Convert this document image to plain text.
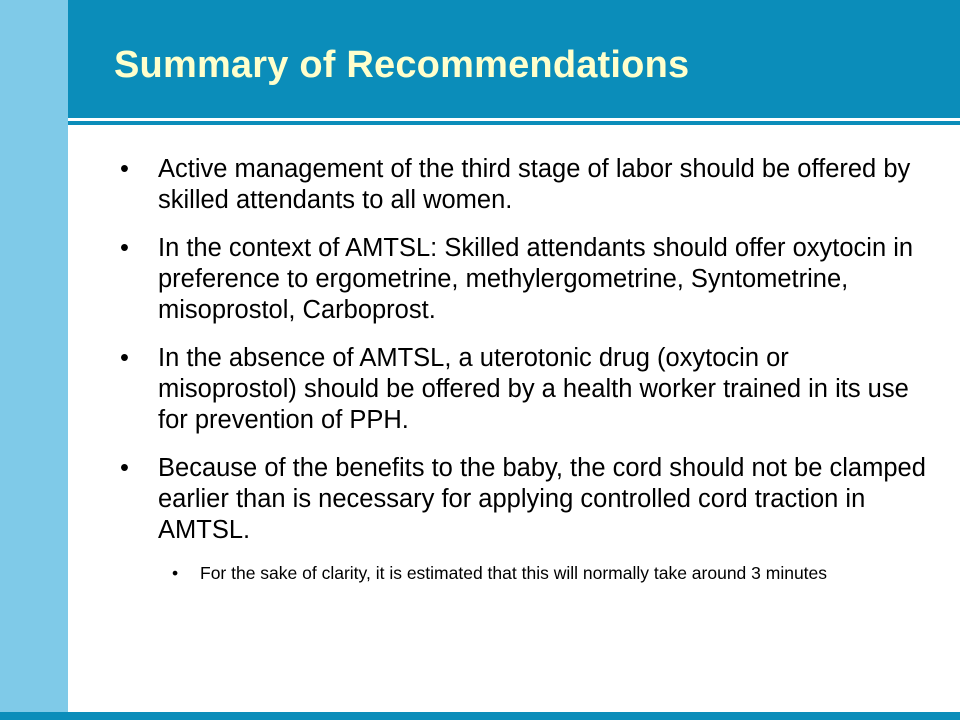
Summary of Recommendations
• Active management of the third stage of labor should be offered by skilled attendants to all women.
• In the context of AMTSL: Skilled attendants should offer oxytocin in preference to ergometrine, methylergometrine, Syntometrine, misoprostol, Carboprost.
• In the absence of AMTSL, a uterotonic drug (oxytocin or misoprostol) should be offered by a health worker trained in its use for prevention of PPH.
• Because of the benefits to the baby, the cord should not be clamped earlier than is necessary for applying controlled cord traction in AMTSL.
• For the sake of clarity, it is estimated that this will normally take around 3 minutes
